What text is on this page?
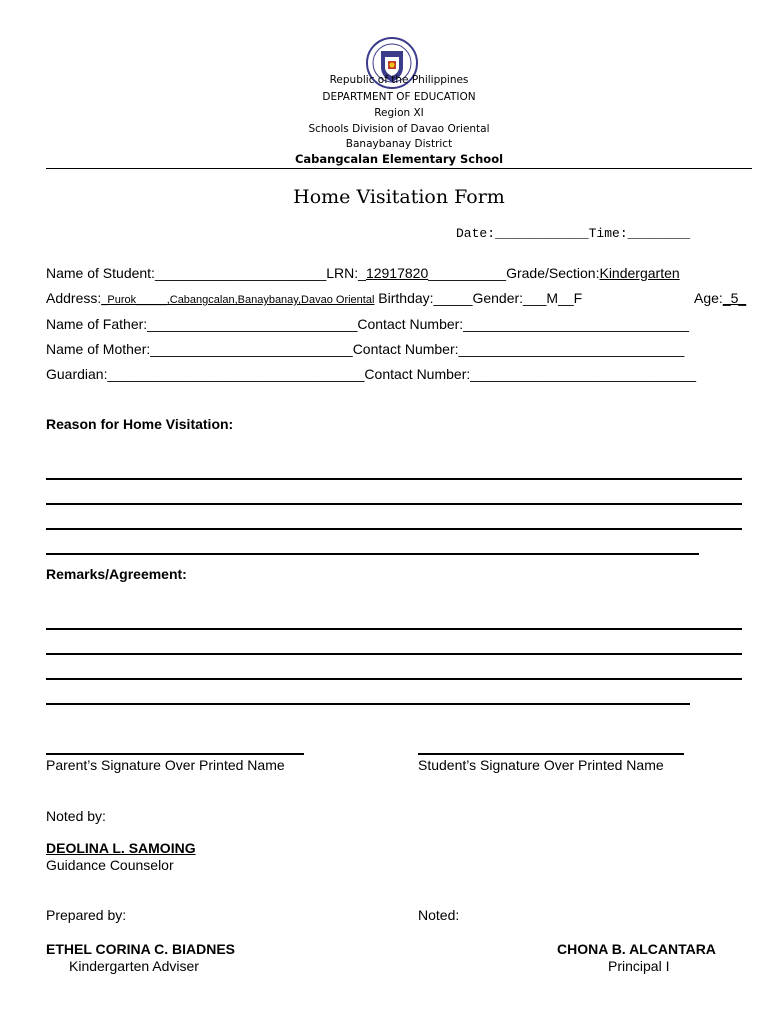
Republic of the Philippines
DEPARTMENT OF EDUCATION
Region XI
Schools Division of Davao Oriental
Banaybanay District
Cabangcalan Elementary School
Home Visitation Form
Date:____________Time:________
Name of Student:______________________LRN:_12917820__________Grade/Section:Kindergarten
Address:_Purok_____,Cabangcalan,Banaybanay,Davao Oriental Birthday:_____Gender:___M__F	Age:_5_
Name of Father:___________________________Contact Number:_____________________________
Name of Mother:__________________________Contact Number:_____________________________
Guardian:_________________________________Contact Number:_____________________________
Reason for Home Visitation:
Remarks/Agreement:
Parent’s Signature Over Printed Name	Student’s Signature Over Printed Name
Noted by:
DEOLINA L. SAMOING
Guidance Counselor
Prepared by:	Noted:
ETHEL CORINA C. BIADNES
Kindergarten Adviser
CHONA B. ALCANTARA
Principal I
